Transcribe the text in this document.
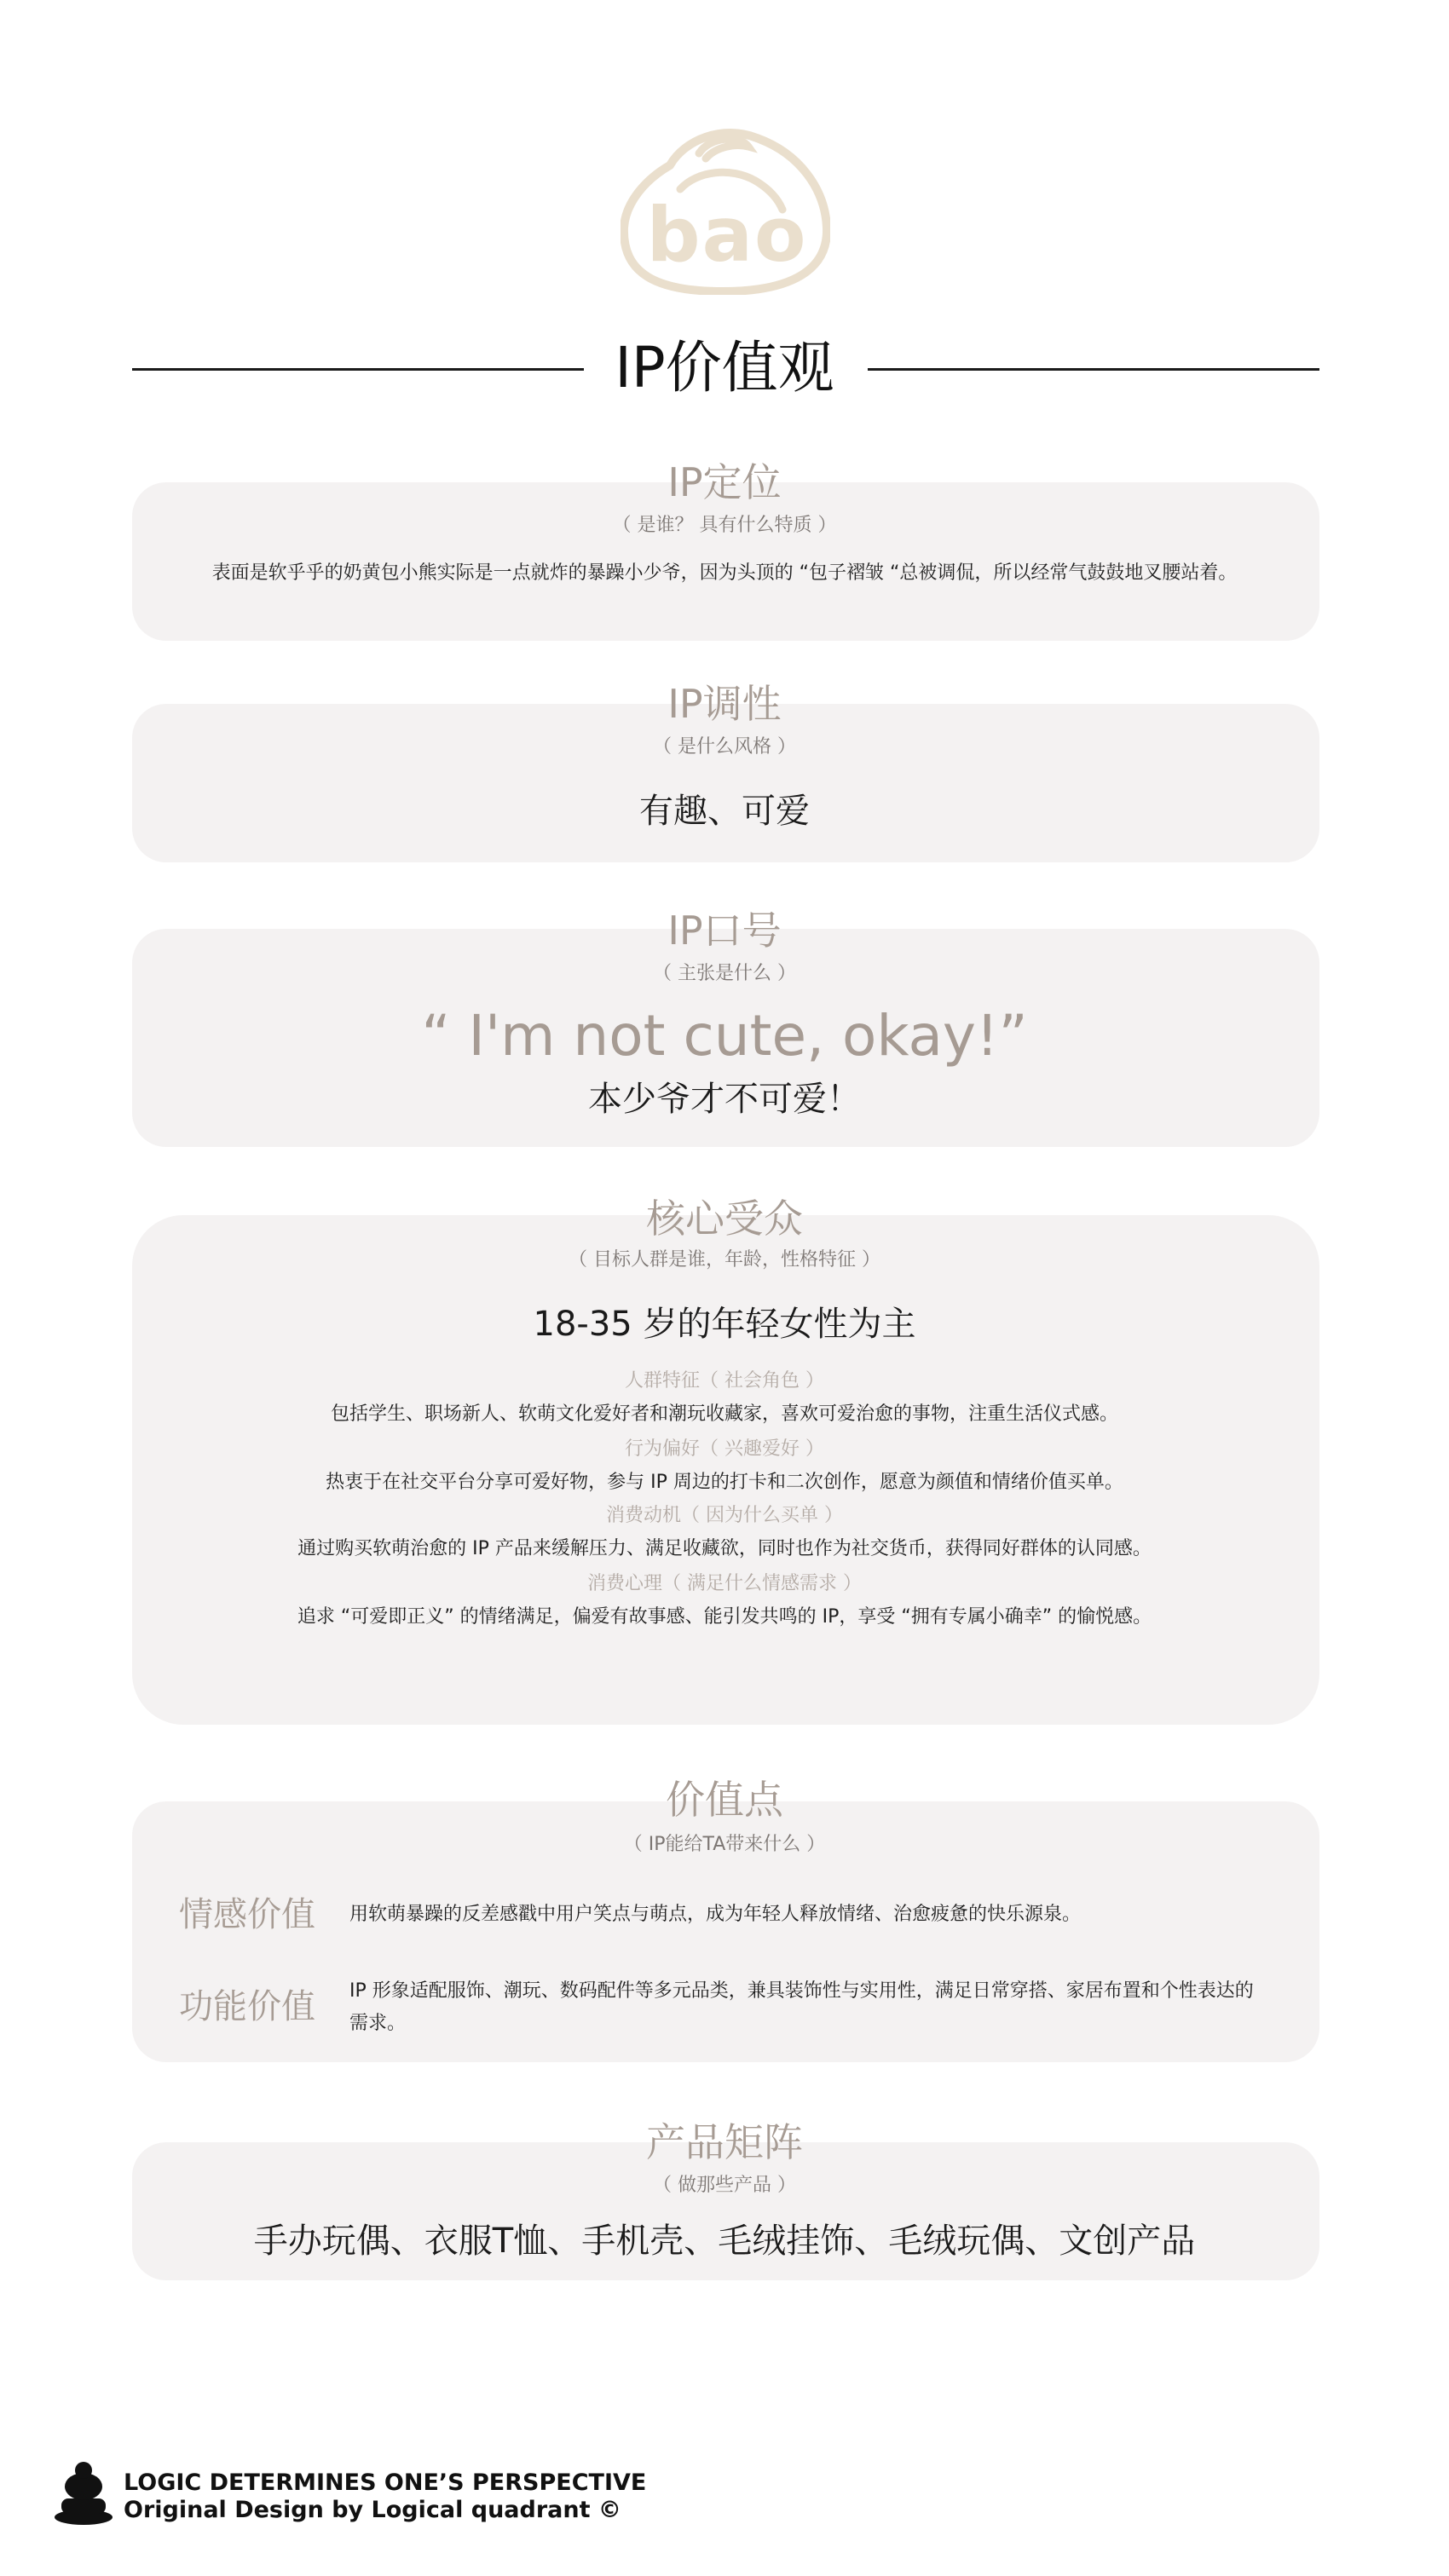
bao
IP价值观
IP定位
（ 是谁？ 具有什么特质 ）
表面是软乎乎的奶黄包小熊实际是一点就炸的暴躁小少爷，因为头顶的 “包子褶皱 “总被调侃，所以经常气鼓鼓地叉腰站着。
IP调性
（ 是什么风格 ）
有趣、可爱
IP口号
（ 主张是什么 ）
“ I'm not cute, okay!”
本少爷才不可爱！
核心受众
（ 目标人群是谁，年龄，性格特征 ）
18-35 岁的年轻女性为主
人群特征（ 社会角色 ）
包括学生、职场新人、软萌文化爱好者和潮玩收藏家，喜欢可爱治愈的事物，注重生活仪式感。
行为偏好（ 兴趣爱好 ）
热衷于在社交平台分享可爱好物，参与 IP 周边的打卡和二次创作，愿意为颜值和情绪价值买单。
消费动机（ 因为什么买单 ）
通过购买软萌治愈的 IP 产品来缓解压力、满足收藏欲，同时也作为社交货币，获得同好群体的认同感。
消费心理（ 满足什么情感需求 ）
追求 “可爱即正义” 的情绪满足，偏爱有故事感、能引发共鸣的 IP，享受 “拥有专属小确幸” 的愉悦感。
价值点
（ IP能给TA带来什么 ）
情感价值 用软萌暴躁的反差感戳中用户笑点与萌点，成为年轻人释放情绪、治愈疲惫的快乐源泉。
功能价值 IP 形象适配服饰、潮玩、数码配件等多元品类，兼具装饰性与实用性，满足日常穿搭、家居布置和个性表达的需求。
产品矩阵
（ 做那些产品 ）
手办玩偶、衣服T恤、手机壳、毛绒挂饰、毛绒玩偶、文创产品
LOGIC DETERMINES ONE’S PERSPECTIVE
Original Design by Logical quadrant ©
